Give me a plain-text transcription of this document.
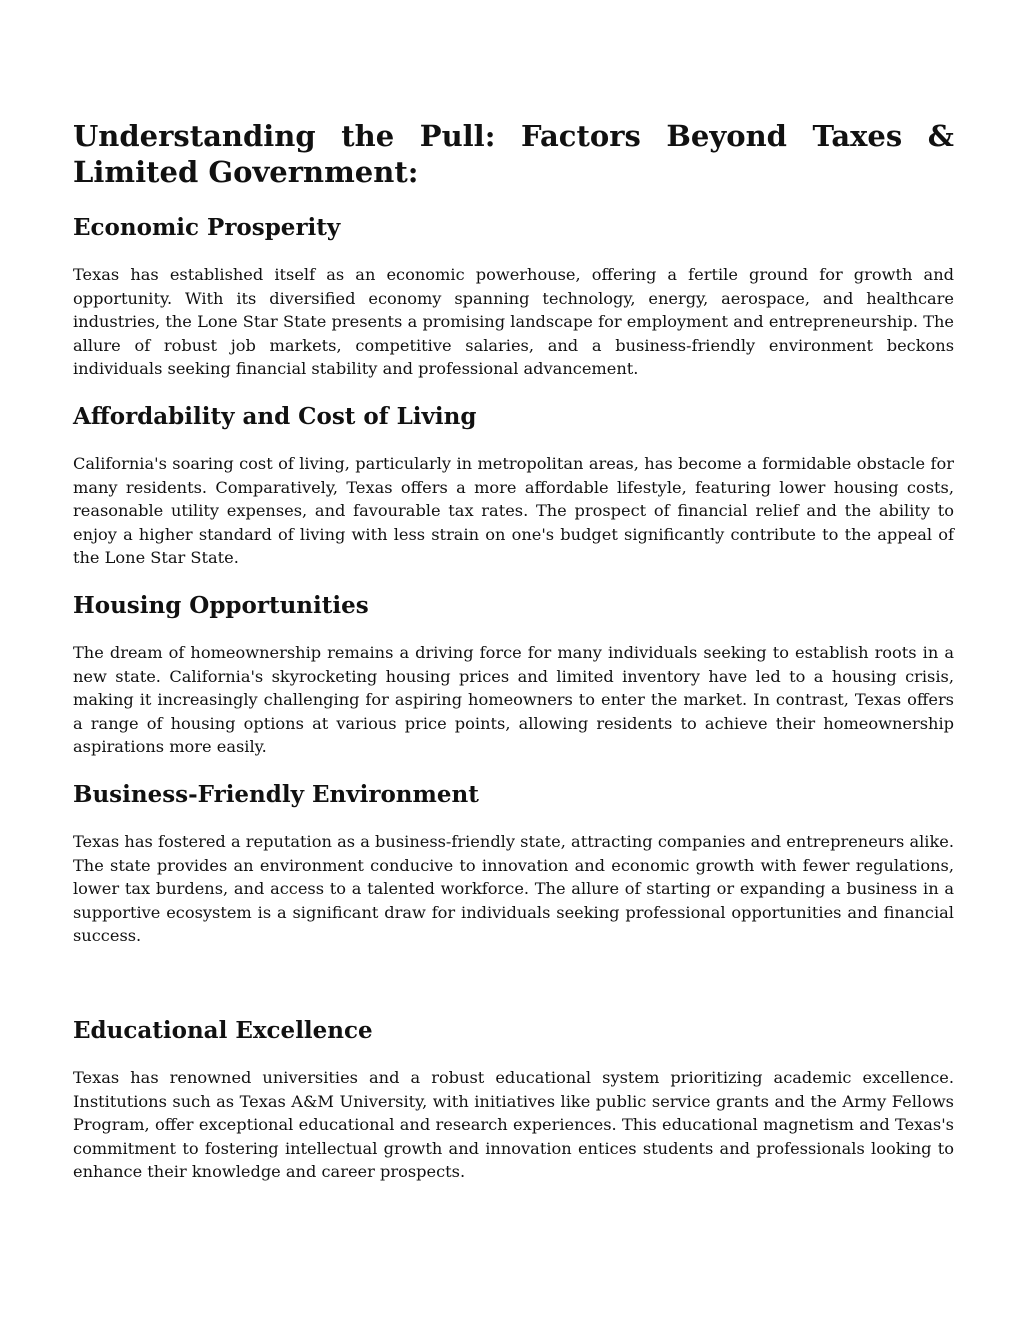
Understanding the Pull: Factors Beyond Taxes & Limited Government:
Economic Prosperity

Texas has established itself as an economic powerhouse, offering a fertile ground for growth and opportunity. With its diversified economy spanning technology, energy, aerospace, and healthcare industries, the Lone Star State presents a promising landscape for employment and entrepreneurship. The allure of robust job markets, competitive salaries, and a business-friendly environment beckons individuals seeking financial stability and professional advancement.

Affordability and Cost of Living

California's soaring cost of living, particularly in metropolitan areas, has become a formidable obstacle for many residents. Comparatively, Texas offers a more affordable lifestyle, featuring lower housing costs, reasonable utility expenses, and favourable tax rates. The prospect of financial relief and the ability to enjoy a higher standard of living with less strain on one's budget significantly contribute to the appeal of the Lone Star State.

Housing Opportunities

The dream of homeownership remains a driving force for many individuals seeking to establish roots in a new state. California's skyrocketing housing prices and limited inventory have led to a housing crisis, making it increasingly challenging for aspiring homeowners to enter the market. In contrast, Texas offers a range of housing options at various price points, allowing residents to achieve their homeownership aspirations more easily.

Business-Friendly Environment

Texas has fostered a reputation as a business-friendly state, attracting companies and entrepreneurs alike. The state provides an environment conducive to innovation and economic growth with fewer regulations, lower tax burdens, and access to a talented workforce. The allure of starting or expanding a business in a supportive ecosystem is a significant draw for individuals seeking professional opportunities and financial success.

Educational Excellence

Texas has renowned universities and a robust educational system prioritizing academic excellence. Institutions such as Texas A&M University, with initiatives like public service grants and the Army Fellows Program, offer exceptional educational and research experiences. This educational magnetism and Texas's commitment to fostering intellectual growth and innovation entices students and professionals looking to enhance their knowledge and career prospects.
